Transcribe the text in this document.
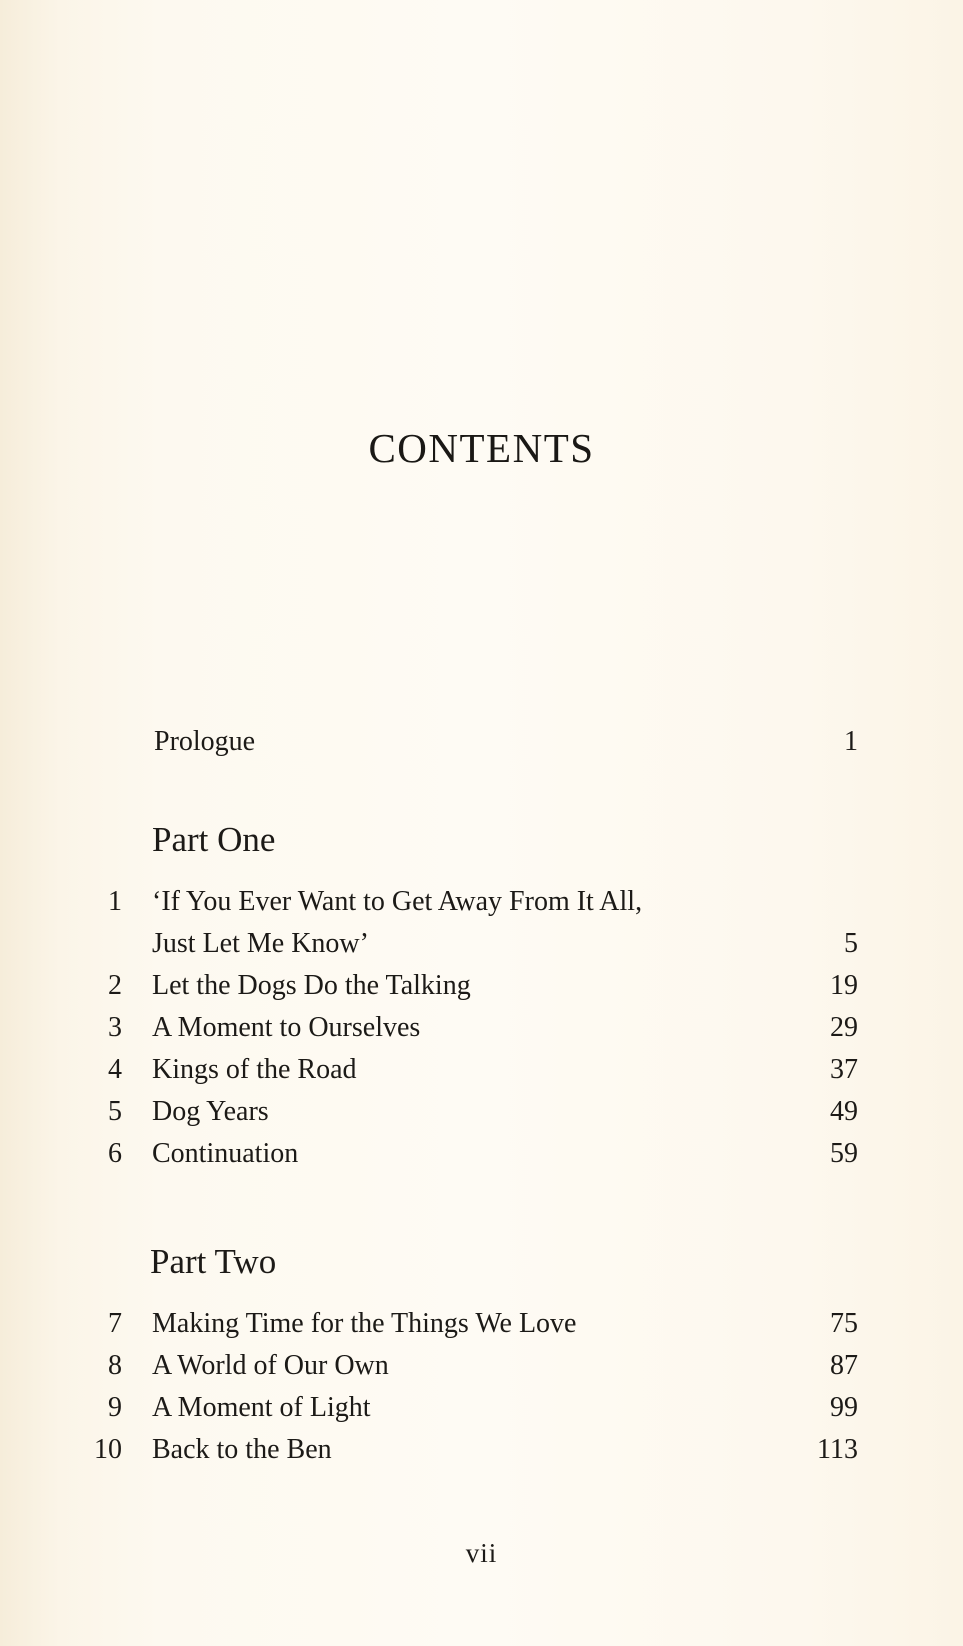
CONTENTS
Prologue	1
Part One
1 ‘If You Ever Want to Get Away From It All,
Just Let Me Know’	5
2 Let the Dogs Do the Talking	19
3 A Moment to Ourselves	29
4 Kings of the Road	37
5 Dog Years	49
6 Continuation	59
Part Two
7 Making Time for the Things We Love	75
8 A World of Our Own	87
9 A Moment of Light	99
10 Back to the Ben	113
vii
